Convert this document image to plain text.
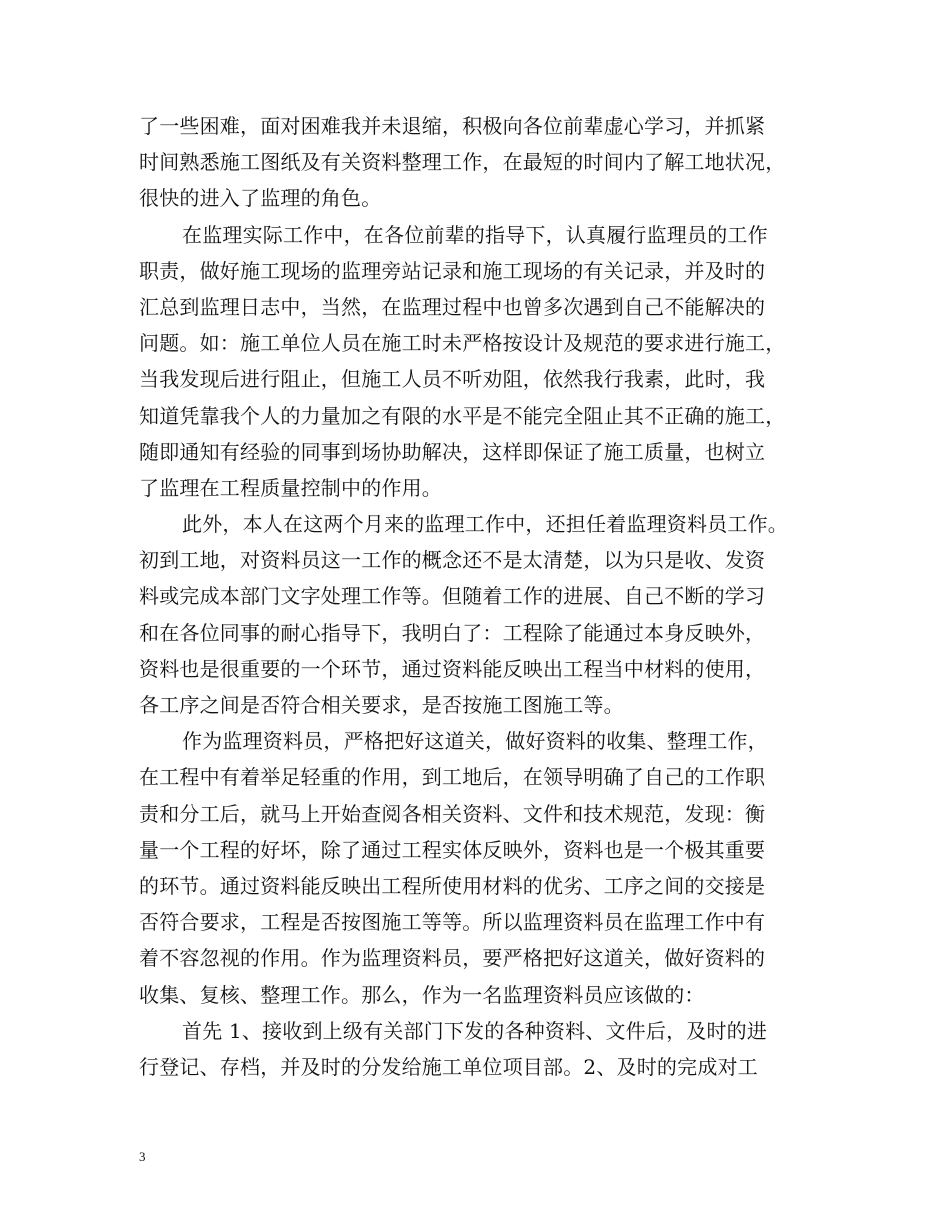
了一些困难，面对困难我并未退缩，积极向各位前辈虚心学习，并抓紧
时间熟悉施工图纸及有关资料整理工作，在最短的时间内了解工地状况，
很快的进入了监理的角色。
在监理实际工作中，在各位前辈的指导下，认真履行监理员的工作
职责，做好施工现场的监理旁站记录和施工现场的有关记录，并及时的
汇总到监理日志中，当然，在监理过程中也曾多次遇到自己不能解决的
问题。如：施工单位人员在施工时未严格按设计及规范的要求进行施工，
当我发现后进行阻止，但施工人员不听劝阻，依然我行我素，此时，我
知道凭靠我个人的力量加之有限的水平是不能完全阻止其不正确的施工，
随即通知有经验的同事到场协助解决，这样即保证了施工质量，也树立
了监理在工程质量控制中的作用。
此外，本人在这两个月来的监理工作中，还担任着监理资料员工作。
初到工地，对资料员这一工作的概念还不是太清楚，以为只是收、发资
料或完成本部门文字处理工作等。但随着工作的进展、自己不断的学习
和在各位同事的耐心指导下，我明白了：工程除了能通过本身反映外，
资料也是很重要的一个环节，通过资料能反映出工程当中材料的使用，
各工序之间是否符合相关要求，是否按施工图施工等。
作为监理资料员，严格把好这道关，做好资料的收集、整理工作，
在工程中有着举足轻重的作用，到工地后，在领导明确了自己的工作职
责和分工后，就马上开始查阅各相关资料、文件和技术规范，发现：衡
量一个工程的好坏，除了通过工程实体反映外，资料也是一个极其重要
的环节。通过资料能反映出工程所使用材料的优劣、工序之间的交接是
否符合要求，工程是否按图施工等等。所以监理资料员在监理工作中有
着不容忽视的作用。作为监理资料员，要严格把好这道关，做好资料的
收集、复核、整理工作。那么，作为一名监理资料员应该做的：
首先 1、接收到上级有关部门下发的各种资料、文件后，及时的进
行登记、存档，并及时的分发给施工单位项目部。2、及时的完成对工
3
